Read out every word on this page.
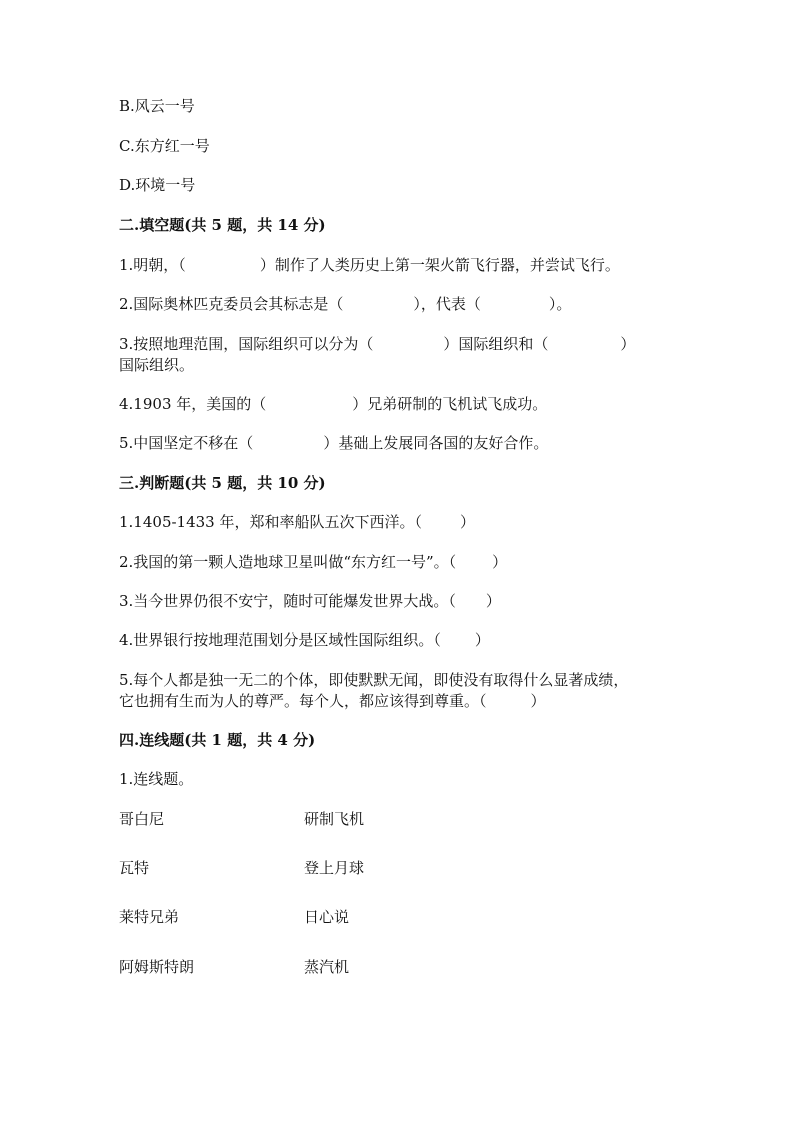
B.风云一号
C.东方红一号
D.环境一号
二.填空题(共 5 题，共 14 分)
1.明朝，（	）制作了人类历史上第一架火箭飞行器，并尝试飞行。
2.国际奥林匹克委员会其标志是（	），代表（	）。
3.按照地理范围，国际组织可以分为（	）国际组织和（	）
国际组织。
4.1903 年，美国的（	）兄弟研制的飞机试飞成功。
5.中国坚定不移在（	）基础上发展同各国的友好合作。
三.判断题(共 5 题，共 10 分)
1.1405-1433 年，郑和率船队五次下西洋。（	）
2.我国的第一颗人造地球卫星叫做“东方红一号”。（ ）
3.当今世界仍很不安宁，随时可能爆发世界大战。（ ）
4.世界银行按地理范围划分是区域性国际组织。（ ）
5.每个人都是独一无二的个体，即使默默无闻，即使没有取得什么显著成绩，
它也拥有生而为人的尊严。每个人，都应该得到尊重。（	）
四.连线题(共 1 题，共 4 分)
1.连线题。
哥白尼	研制飞机
瓦特	登上月球
莱特兄弟	日心说
阿姆斯特朗	蒸汽机
